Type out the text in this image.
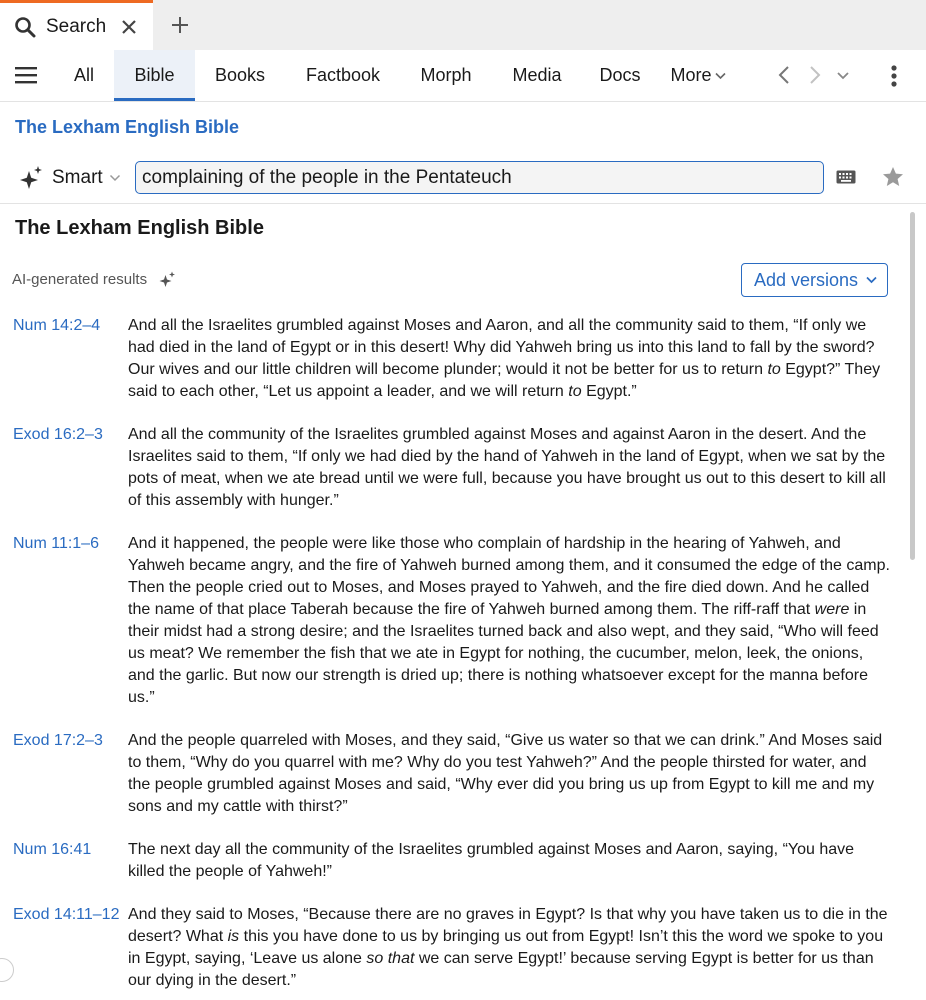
Search
All	Bible	Books	Factbook	Morph	Media	Docs	More
The Lexham English Bible
Smart
complaining of the people in the Pentateuch
The Lexham English Bible
AI-generated results	Add versions
Num 14:2–4 And all the Israelites grumbled against Moses and Aaron, and all the community said to them, “If only we had died in the land of Egypt or in this desert! Why did Yahweh bring us into this land to fall by the sword? Our wives and our little children will become plunder; would it not be better for us to return to Egypt?” They said to each other, “Let us appoint a leader, and we will return to Egypt.”
Exod 16:2–3 And all the community of the Israelites grumbled against Moses and against Aaron in the desert. And the Israelites said to them, “If only we had died by the hand of Yahweh in the land of Egypt, when we sat by the pots of meat, when we ate bread until we were full, because you have brought us out to this desert to kill all of this assembly with hunger.”
Num 11:1–6 And it happened, the people were like those who complain of hardship in the hearing of Yahweh, and Yahweh became angry, and the fire of Yahweh burned among them, and it consumed the edge of the camp. Then the people cried out to Moses, and Moses prayed to Yahweh, and the fire died down. And he called the name of that place Taberah because the fire of Yahweh burned among them. The riff-raff that were in their midst had a strong desire; and the Israelites turned back and also wept, and they said, “Who will feed us meat? We remember the fish that we ate in Egypt for nothing, the cucumber, melon, leek, the onions, and the garlic. But now our strength is dried up; there is nothing whatsoever except for the manna before us.”
Exod 17:2–3 And the people quarreled with Moses, and they said, “Give us water so that we can drink.” And Moses said to them, “Why do you quarrel with me? Why do you test Yahweh?” And the people thirsted for water, and the people grumbled against Moses and said, “Why ever did you bring us up from Egypt to kill me and my sons and my cattle with thirst?”
Num 16:41 The next day all the community of the Israelites grumbled against Moses and Aaron, saying, “You have killed the people of Yahweh!”
Exod 14:11–12 And they said to Moses, “Because there are no graves in Egypt? Is that why you have taken us to die in the desert? What is this you have done to us by bringing us out from Egypt! Isn’t this the word we spoke to you in Egypt, saying, ‘Leave us alone so that we can serve Egypt!’ because serving Egypt is better for us than our dying in the desert.”
